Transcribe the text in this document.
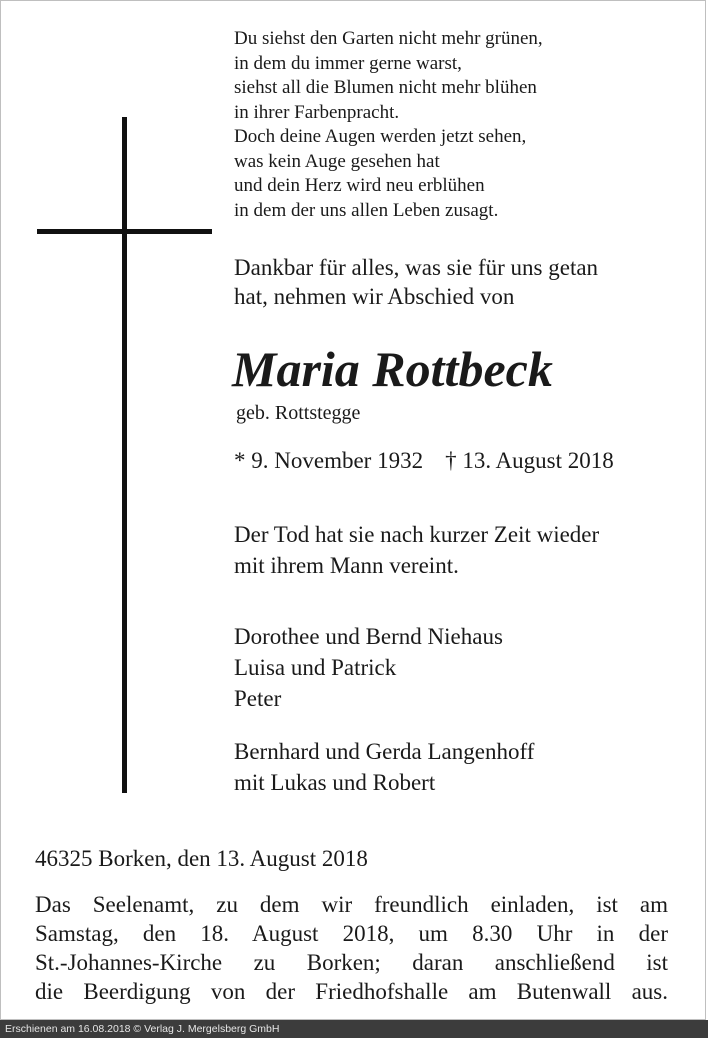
Du siehst den Garten nicht mehr grünen,
in dem du immer gerne warst,
siehst all die Blumen nicht mehr blühen
in ihrer Farbenpracht.
Doch deine Augen werden jetzt sehen,
was kein Auge gesehen hat
und dein Herz wird neu erblühen
in dem der uns allen Leben zusagt.
Dankbar für alles, was sie für uns getan
hat, nehmen wir Abschied von
Maria Rottbeck
geb. Rottstegge
* 9. November 1932 † 13. August 2018
Der Tod hat sie nach kurzer Zeit wieder
mit ihrem Mann vereint.
Dorothee und Bernd Niehaus
Luisa und Patrick
Peter
Bernhard und Gerda Langenhoff
mit Lukas und Robert
46325 Borken, den 13. August 2018
Das Seelenamt, zu dem wir freundlich einladen, ist am
Samstag, den 18. August 2018, um 8.30 Uhr in der
St.-Johannes-Kirche zu Borken; daran anschließend ist
die Beerdigung von der Friedhofshalle am Butenwall aus.
Erschienen am 16.08.2018 © Verlag J. Mergelsberg GmbH
